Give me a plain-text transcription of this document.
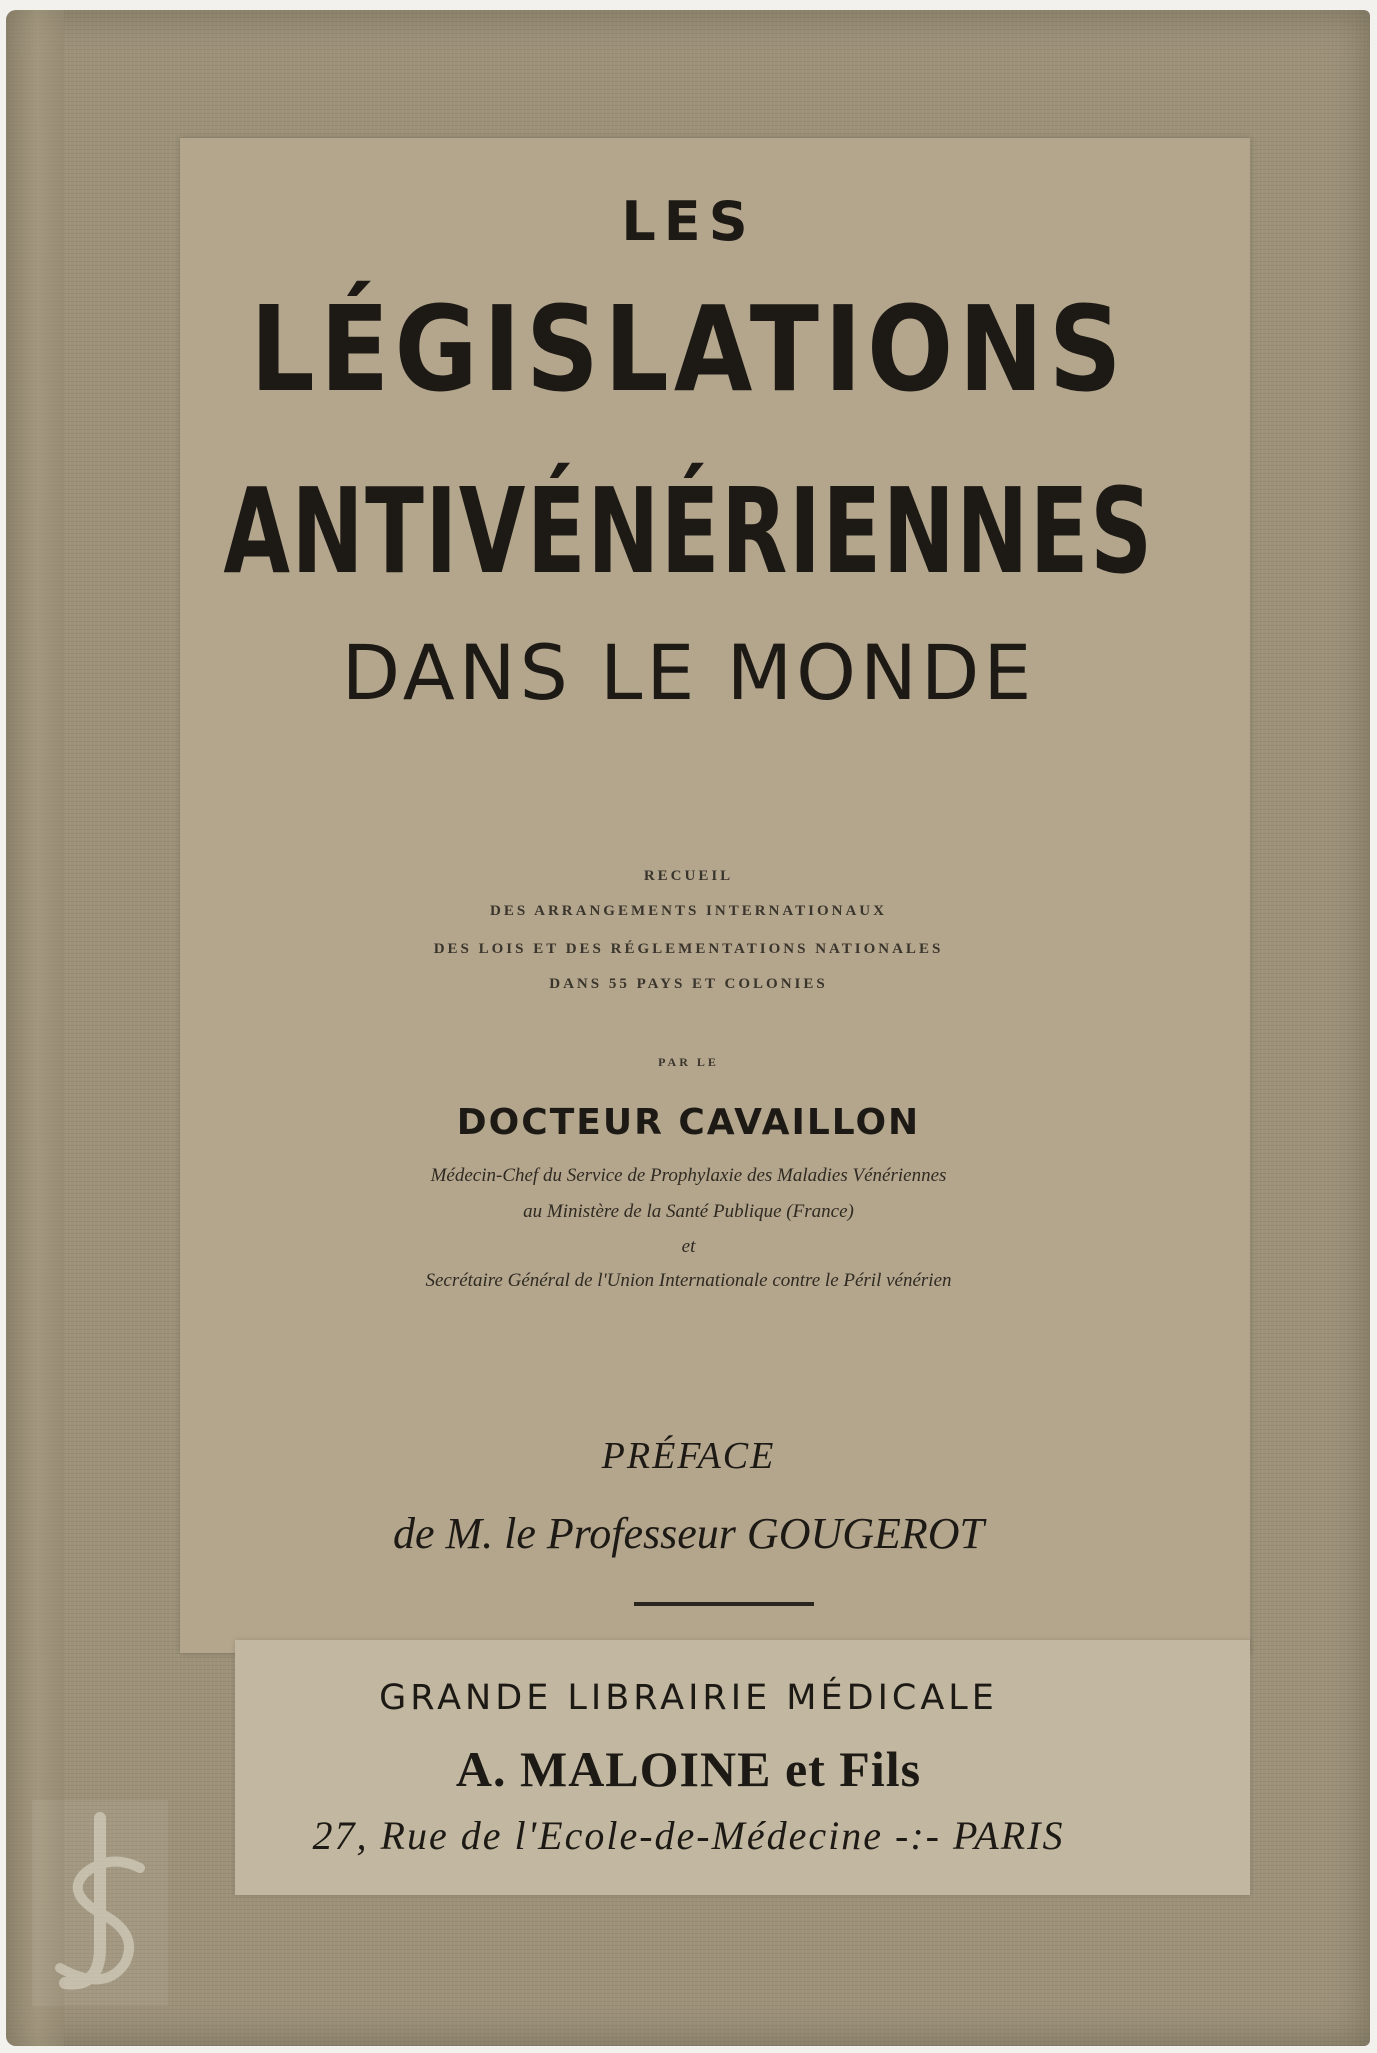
LES
LÉGISLATIONS
ANTIVÉNÉRIENNES
DANS LE MONDE
RECUEIL
DES ARRANGEMENTS INTERNATIONAUX
DES LOIS ET DES RÉGLEMENTATIONS NATIONALES
DANS 55 PAYS ET COLONIES
PAR LE
DOCTEUR CAVAILLON
Médecin-Chef du Service de Prophylaxie des Maladies Vénériennes
au Ministère de la Santé Publique (France)
et
Secrétaire Général de l'Union Internationale contre le Péril vénérien
PRÉFACE
de M. le Professeur GOUGEROT
GRANDE LIBRAIRIE MÉDICALE
A. MALOINE et Fils
27, Rue de l'Ecole-de-Médecine -:- PARIS
